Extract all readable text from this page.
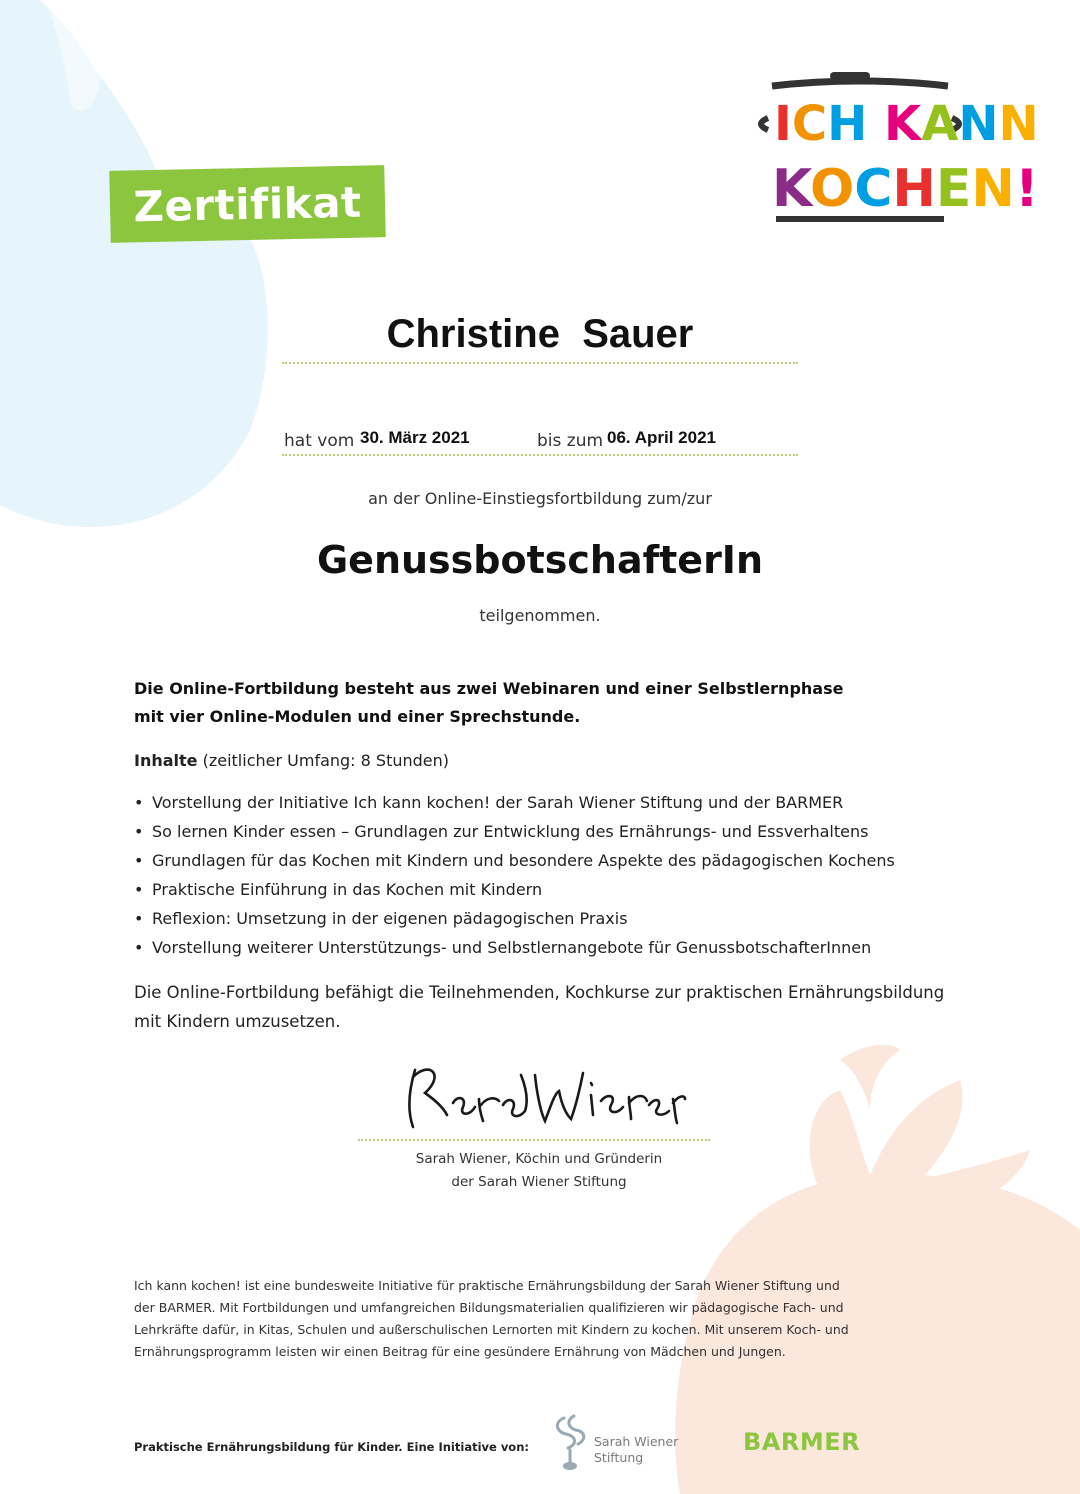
Zertifikat
ICH KANN
KOCHEN!
Christine  Sauer
hat vom 30. März 2021	bis zum 06. April 2021
an der Online-Einstiegsfortbildung zum/zur
GenussbotschafterIn
teilgenommen.
Die Online-Fortbildung besteht aus zwei Webinaren und einer Selbstlernphase
mit vier Online-Modulen und einer Sprechstunde.
Inhalte (zeitlicher Umfang: 8 Stunden)
• Vorstellung der Initiative Ich kann kochen! der Sarah Wiener Stiftung und der BARMER
• So lernen Kinder essen – Grundlagen zur Entwicklung des Ernährungs- und Essverhaltens
• Grundlagen für das Kochen mit Kindern und besondere Aspekte des pädagogischen Kochens
• Praktische Einführung in das Kochen mit Kindern
• Reflexion: Umsetzung in der eigenen pädagogischen Praxis
• Vorstellung weiterer Unterstützungs- und Selbstlernangebote für GenussbotschafterInnen
Die Online-Fortbildung befähigt die Teilnehmenden, Kochkurse zur praktischen Ernährungsbildung
mit Kindern umzusetzen.
Sarah Wiener, Köchin und Gründerin
der Sarah Wiener Stiftung
Ich kann kochen! ist eine bundesweite Initiative für praktische Ernährungsbildung der Sarah Wiener Stiftung und
der BARMER. Mit Fortbildungen und umfangreichen Bildungsmaterialien qualifizieren wir pädagogische Fach- und
Lehrkräfte dafür, in Kitas, Schulen und außerschulischen Lernorten mit Kindern zu kochen. Mit unserem Koch- und
Ernährungsprogramm leisten wir einen Beitrag für eine gesündere Ernährung von Mädchen und Jungen.
Praktische Ernährungsbildung für Kinder. Eine Initiative von:	Sarah Wiener
Stiftung
BARMER
